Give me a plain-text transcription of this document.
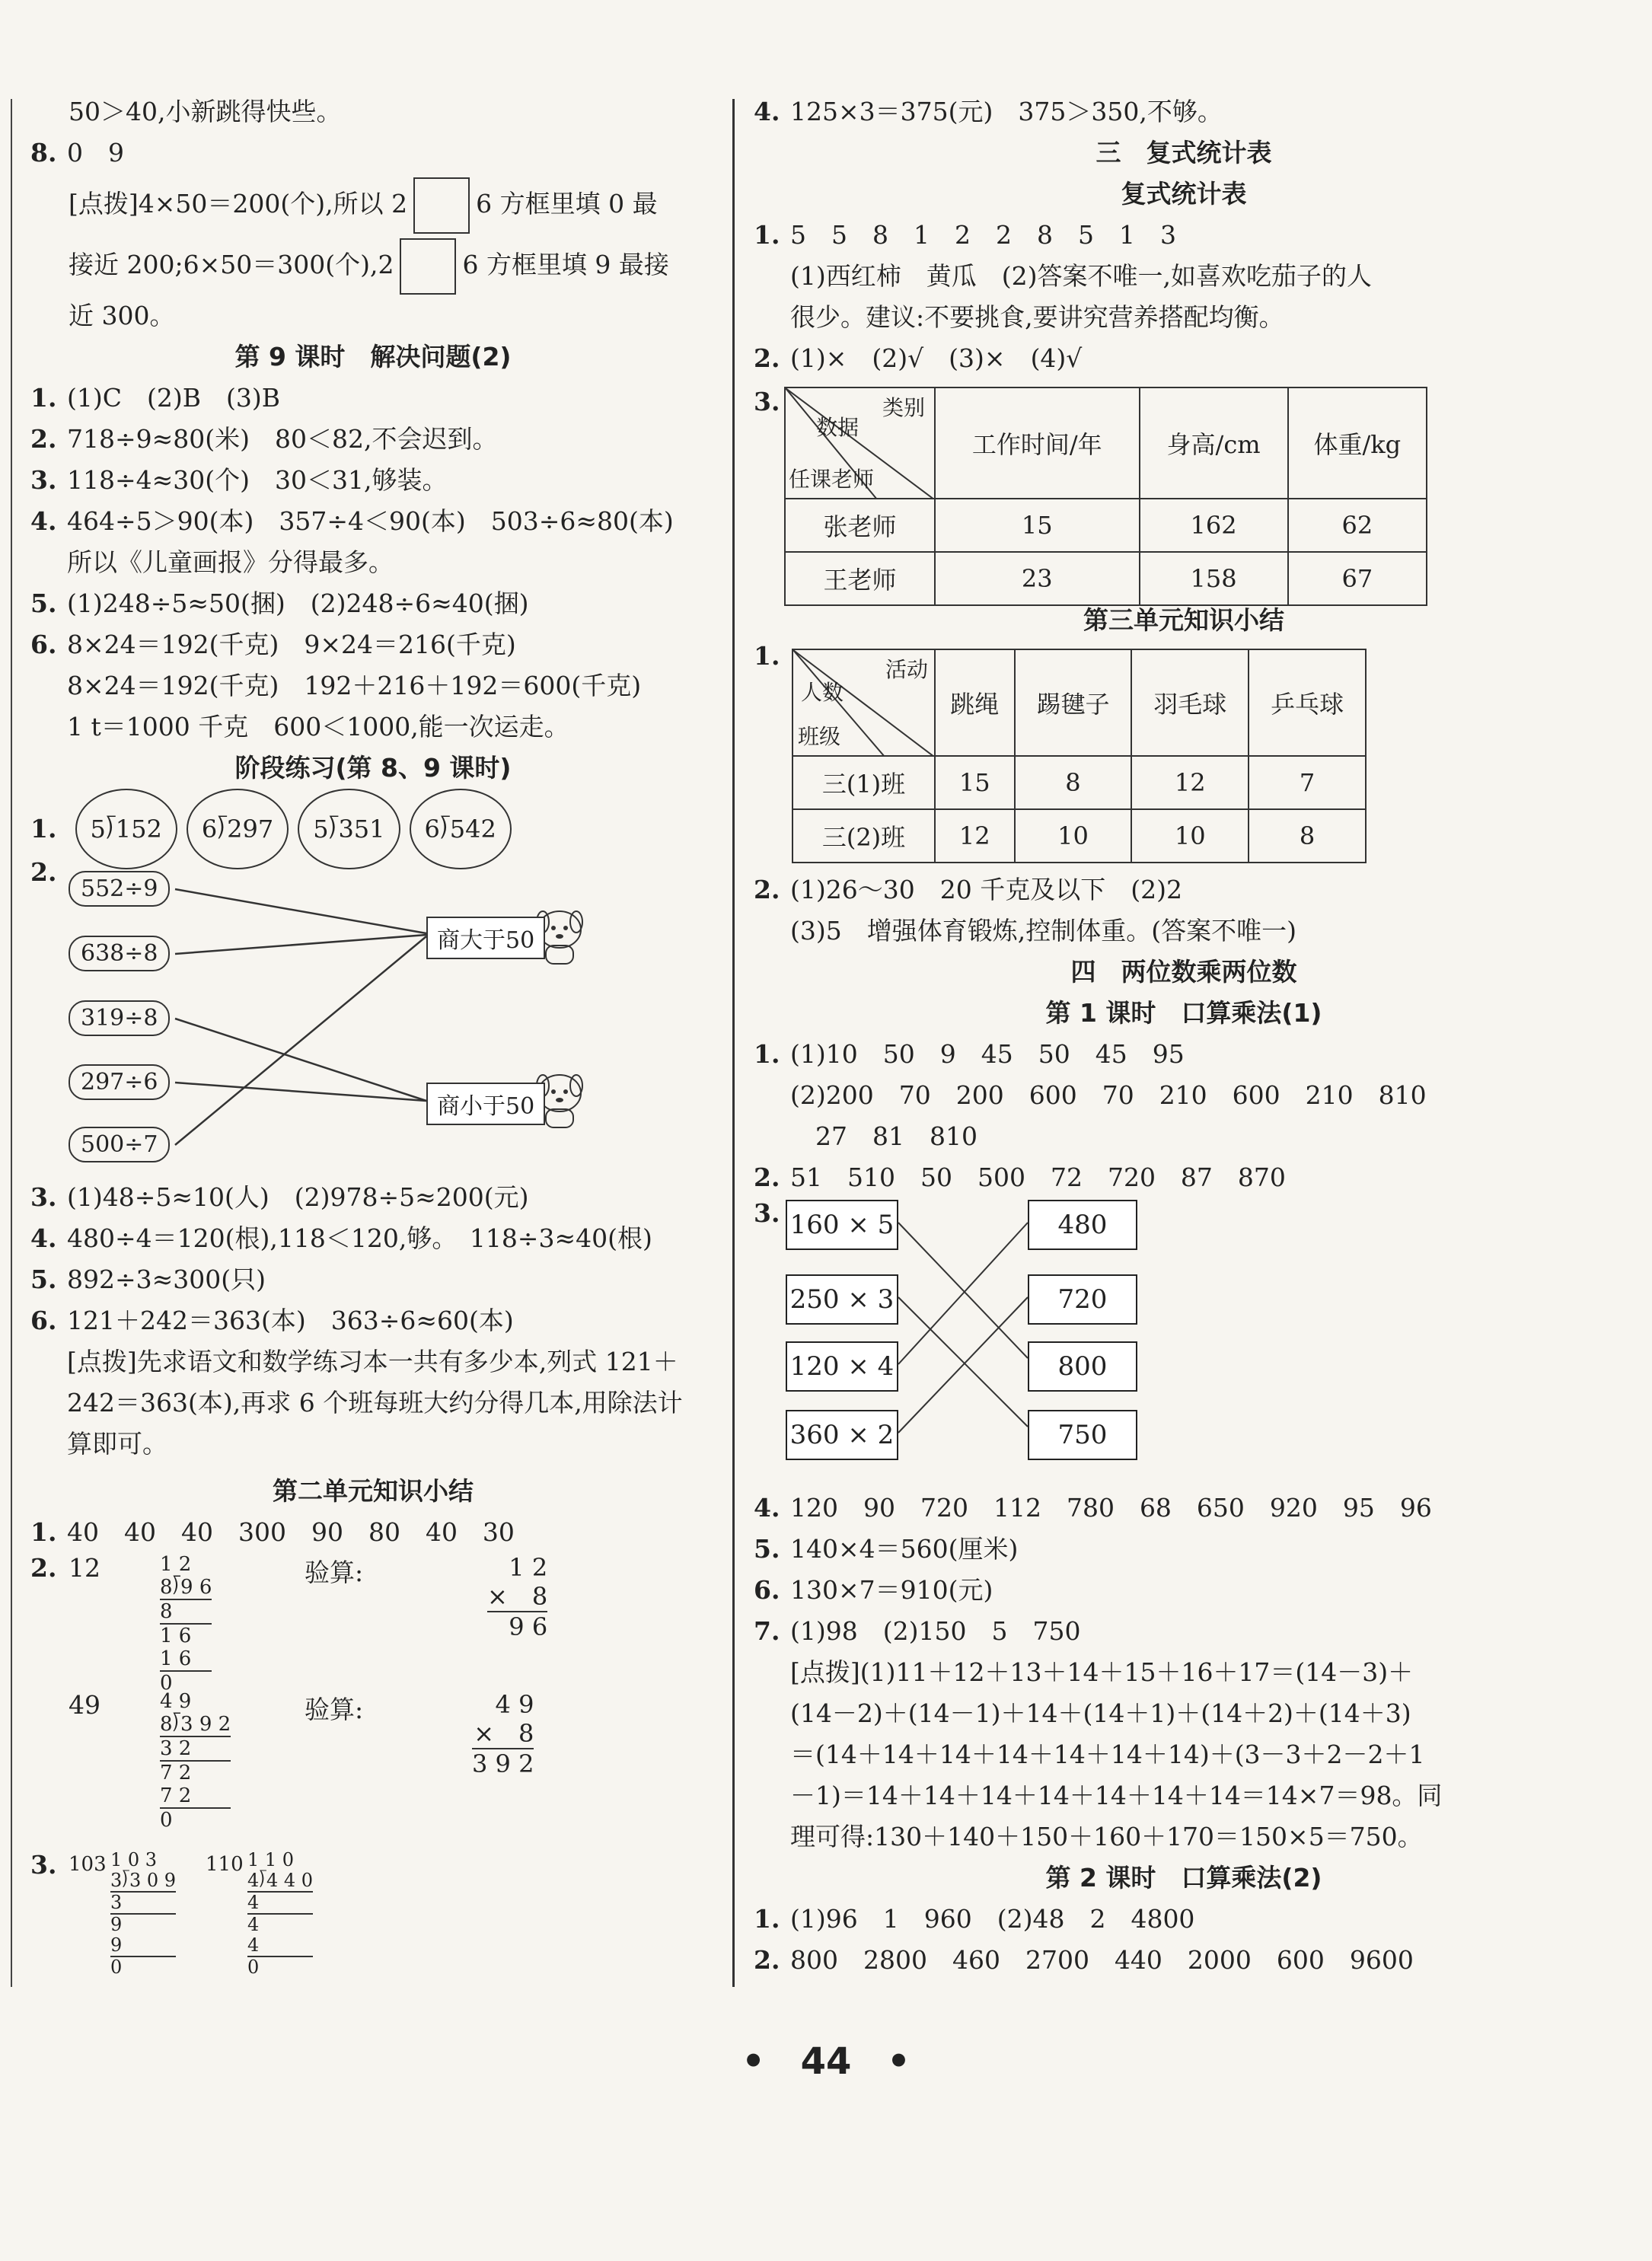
50＞40,小新跳得快些。
8. 0　9
[点拨]4×50＝200(个),所以 2	6 方框里填 0 最
接近 200;6×50＝300(个),2	6 方框里填 9 最接
近 300。
第 9 课时　解决问题(2)
1. (1)C　(2)B　(3)B
2. 718÷9≈80(米)　80＜82,不会迟到。
3. 118÷4≈30(个)　30＜31,够装。
4. 464÷5＞90(本)　357÷4＜90(本)　503÷6≈80(本)
所以《儿童画报》分得最多。
5. (1)248÷5≈50(捆)　(2)248÷6≈40(捆)
6. 8×24＝192(千克)　9×24＝216(千克)
8×24＝192(千克)　192＋216＋192＝600(千克)
1 t＝1000 千克　600＜1000,能一次运走。
阶段练习(第 8、9 课时)
1. 5⟌152 6⟌297 5⟌351 6⟌542
2.
552÷9
638÷8
319÷8
297÷6
500÷7
商大于50
商小于50
3. (1)48÷5≈10(人)　(2)978÷5≈200(元)
4. 480÷4＝120(根),118＜120,够。　118÷3≈40(根)
5. 892÷3≈300(只)
6. 121＋242＝363(本)　363÷6≈60(本)
[点拨]先求语文和数学练习本一共有多少本,列式 121＋
242＝363(本),再求 6 个班每班大约分得几本,用除法计
算即可。
第二单元知识小结
1. 40　40　40　300　90　80　40　30
2. 12
49
验算:
验算:
1 2
8⟌9 6
8
1 6
1 6
0
1 2
×　8
9 6
4 9
8⟌3 9 2
3 2
7 2
7 2
0
4 9
×　8
3 9 2
3. 103	110
1 0 3
3⟌3 0 9
3
9
9
0
1 1 0
4⟌4 4 0
4
4
4
0
4. 125×3＝375(元)　375＞350,不够。
三　复式统计表
复式统计表
1. 5　5　8　1　2　2　8　5　1　3
(1)西红柿　黄瓜　(2)答案不唯一,如喜欢吃茄子的人
很少。建议:不要挑食,要讲究营养搭配均衡。
2. (1)×　(2)√　(3)×　(4)√
3.	类别
数据
任课老师	工作时间/年	身高/cm	体重/kg
张老师	15	162	62
王老师	23	158	67
第三单元知识小结
1.	活动
人数
班级	跳绳	踢毽子	羽毛球	乒乓球
三(1)班	15	8	12	7
三(2)班	12	10	10	8
2. (1)26～30　20 千克及以下　(2)2
(3)5　增强体育锻炼,控制体重。(答案不唯一)
四　两位数乘两位数
第 1 课时　口算乘法(1)
1. (1)10　50　9　45　50　45　95
(2)200　70　200　600　70　210　600　210　810
　27　81　810
2. 51　510　50　500　72　720　87　870
3. 160 × 5
250 × 3
120 × 4
360 × 2
480
720
800
750
4. 120　90　720　112　780　68　650　920　95　96
5. 140×4＝560(厘米)
6. 130×7＝910(元)
7. (1)98　(2)150　5　750
[点拨](1)11＋12＋13＋14＋15＋16＋17＝(14－3)＋
(14－2)＋(14－1)＋14＋(14＋1)＋(14＋2)＋(14＋3)
＝(14＋14＋14＋14＋14＋14＋14)＋(3－3＋2－2＋1
－1)＝14＋14＋14＋14＋14＋14＋14＝14×7＝98。同
理可得:130＋140＋150＋160＋170＝150×5＝750。
第 2 课时　口算乘法(2)
1. (1)96　1　960　(2)48　2　4800
2. 800　2800　460　2700　440　2000　600　9600
• 44 •
